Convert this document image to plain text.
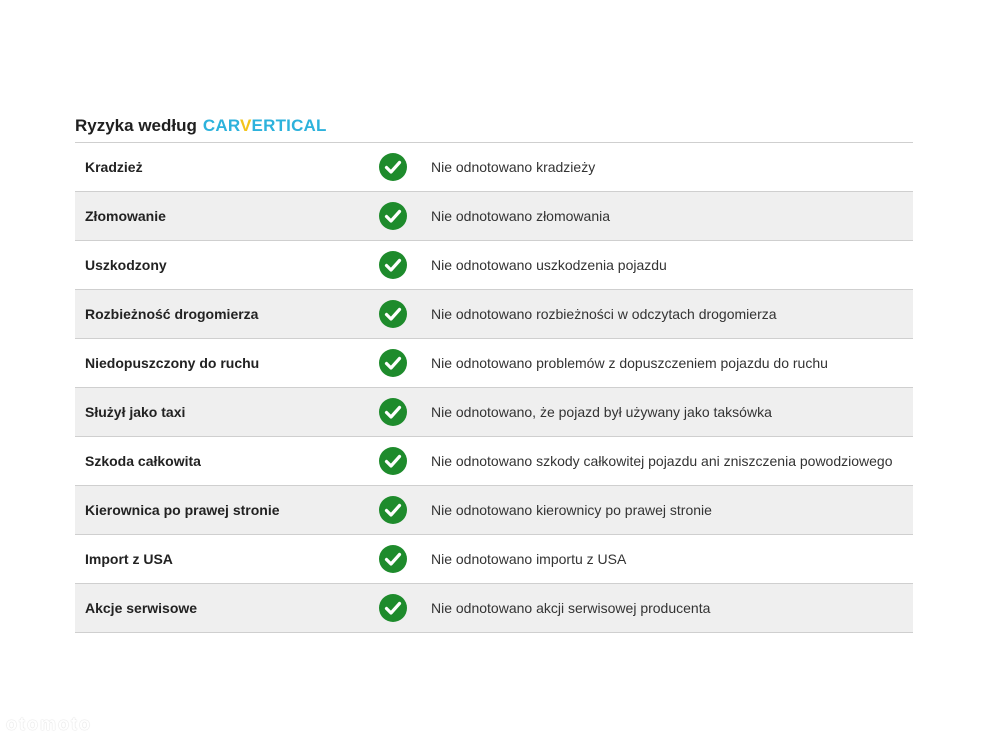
Ryzyka według CARVERTICAL
Kradzież	Nie odnotowano kradzieży
Złomowanie	Nie odnotowano złomowania
Uszkodzony	Nie odnotowano uszkodzenia pojazdu
Rozbieżność drogomierza	Nie odnotowano rozbieżności w odczytach drogomierza
Niedopuszczony do ruchu	Nie odnotowano problemów z dopuszczeniem pojazdu do ruchu
Służył jako taxi	Nie odnotowano, że pojazd był używany jako taksówka
Szkoda całkowita	Nie odnotowano szkody całkowitej pojazdu ani zniszczenia powodziowego
Kierownica po prawej stronie	Nie odnotowano kierownicy po prawej stronie
Import z USA	Nie odnotowano importu z USA
Akcje serwisowe	Nie odnotowano akcji serwisowej producenta
otomoto
